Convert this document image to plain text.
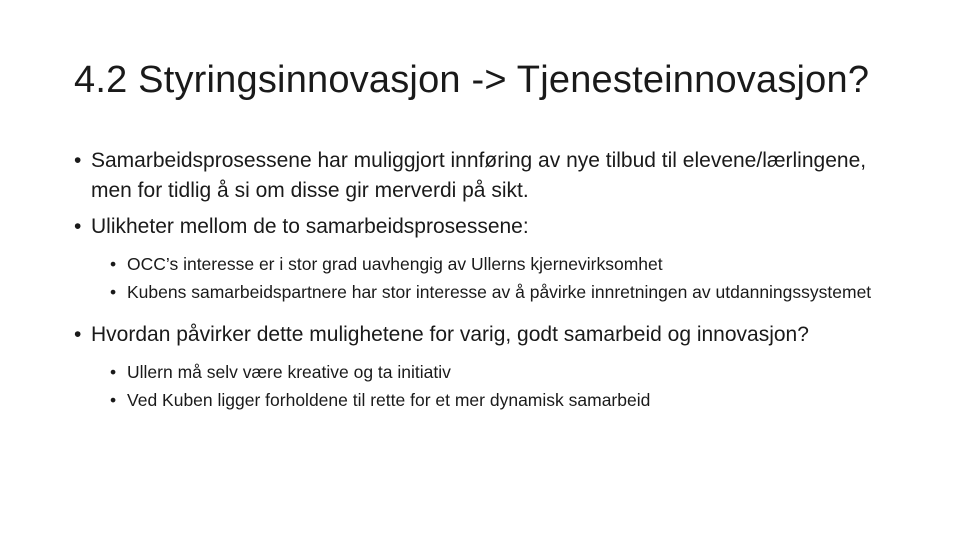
4.2 Styringsinnovasjon -> Tjenesteinnovasjon?
• Samarbeidsprosessene har muliggjort innføring av nye tilbud til elevene/lærlingene, men for tidlig å si om disse gir merverdi på sikt.
• Ulikheter mellom de to samarbeidsprosessene:
• OCC’s interesse er i stor grad uavhengig av Ullerns kjernevirksomhet
• Kubens samarbeidspartnere har stor interesse av å påvirke innretningen av utdanningssystemet
• Hvordan påvirker dette mulighetene for varig, godt samarbeid og innovasjon?
• Ullern må selv være kreative og ta initiativ
• Ved Kuben ligger forholdene til rette for et mer dynamisk samarbeid
